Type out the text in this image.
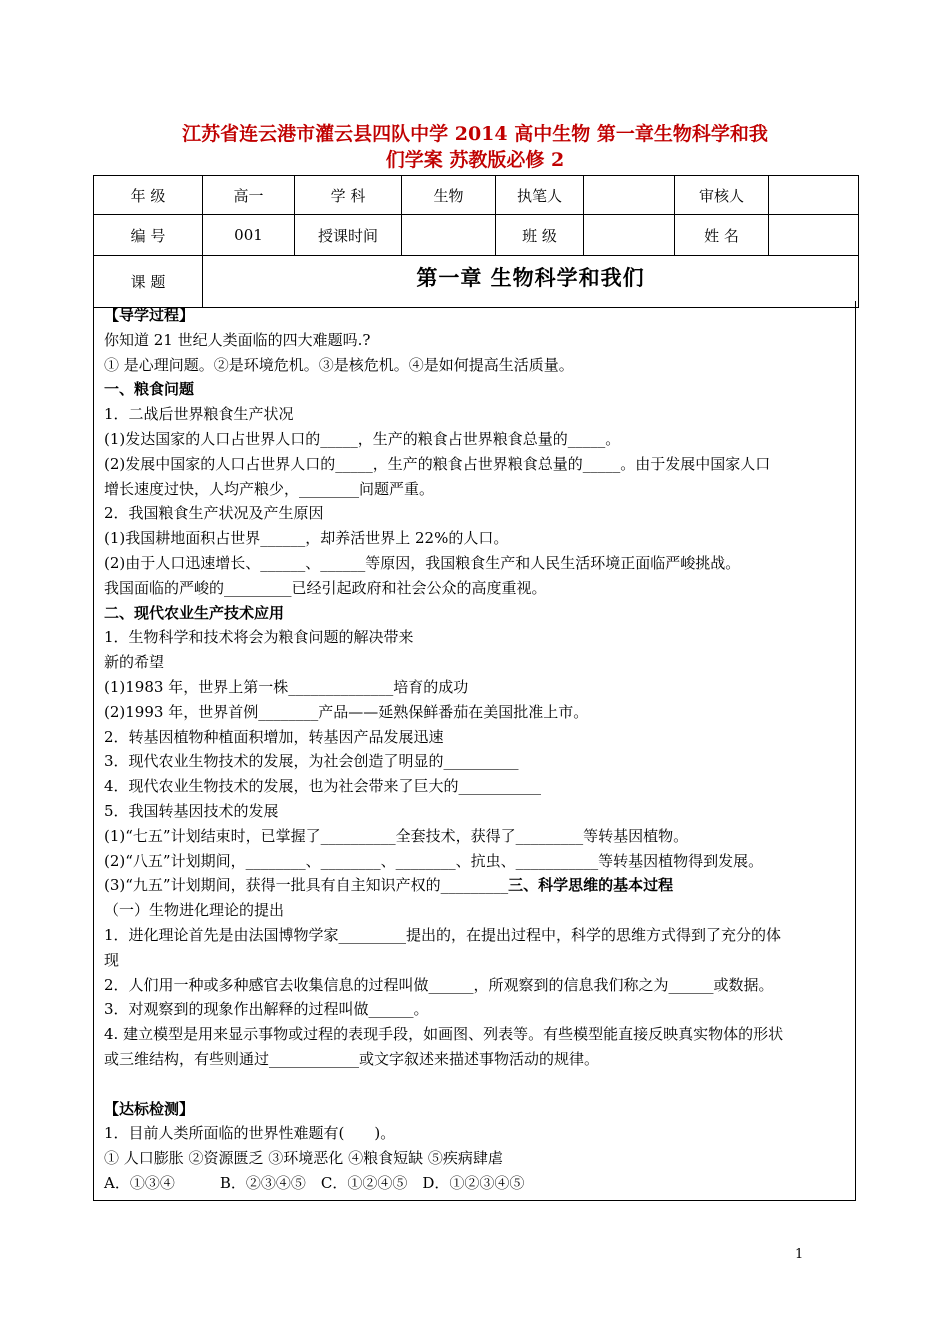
江苏省连云港市灌云县四队中学 2014 高中生物 第一章生物科学和我
们学案 苏教版必修 2
年 级	高一	学 科	生物	执笔人		审核人	
编 号	001	授课时间		班 级		姓 名	
课 题	第一章 生物科学和我们						
【导学过程】
你知道 21 世纪人类面临的四大难题吗.?
① 是心理问题。②是环境危机。③是核危机。④是如何提高生活质量。
一、粮食问题
1．二战后世界粮食生产状况
(1)发达国家的人口占世界人口的_____，生产的粮食占世界粮食总量的_____。
(2)发展中国家的人口占世界人口的_____，生产的粮食占世界粮食总量的_____。由于发展中国家人口
增长速度过快，人均产粮少，________问题严重。
2．我国粮食生产状况及产生原因
(1)我国耕地面积占世界______，却养活世界上 22%的人口。
(2)由于人口迅速增长、______、______等原因，我国粮食生产和人民生活环境正面临严峻挑战。
我国面临的严峻的_________已经引起政府和社会公众的高度重视。
二、现代农业生产技术应用
1．生物科学和技术将会为粮食问题的解决带来
新的希望
(1)1983 年，世界上第一株______________培育的成功
(2)1993 年，世界首例________产品——延熟保鲜番茄在美国批准上市。
2．转基因植物种植面积增加，转基因产品发展迅速
3．现代农业生物技术的发展，为社会创造了明显的__________
4．现代农业生物技术的发展，也为社会带来了巨大的___________
5．我国转基因技术的发展
(1)“七五”计划结束时，已掌握了__________全套技术，获得了_________等转基因植物。
(2)“八五”计划期间，________、________、________、抗虫、___________等转基因植物得到发展。
(3)“九五”计划期间，获得一批具有自主知识产权的_________三、科学思维的基本过程
（一）生物进化理论的提出
1．进化理论首先是由法国博物学家_________提出的，在提出过程中，科学的思维方式得到了充分的体
现
2．人们用一种或多种感官去收集信息的过程叫做______，所观察到的信息我们称之为______或数据。
3．对观察到的现象作出解释的过程叫做______。
4. 建立模型是用来显示事物或过程的表现手段，如画图、列表等。有些模型能直接反映真实物体的形状
或三维结构，有些则通过____________或文字叙述来描述事物活动的规律。
【达标检测】
1．目前人类所面临的世界性难题有(　　)。
① 人口膨胀 ②资源匮乏 ③环境恶化 ④粮食短缺 ⑤疾病肆虐
A．①③④　　　B．②③④⑤　C．①②④⑤　D．①②③④⑤
1
